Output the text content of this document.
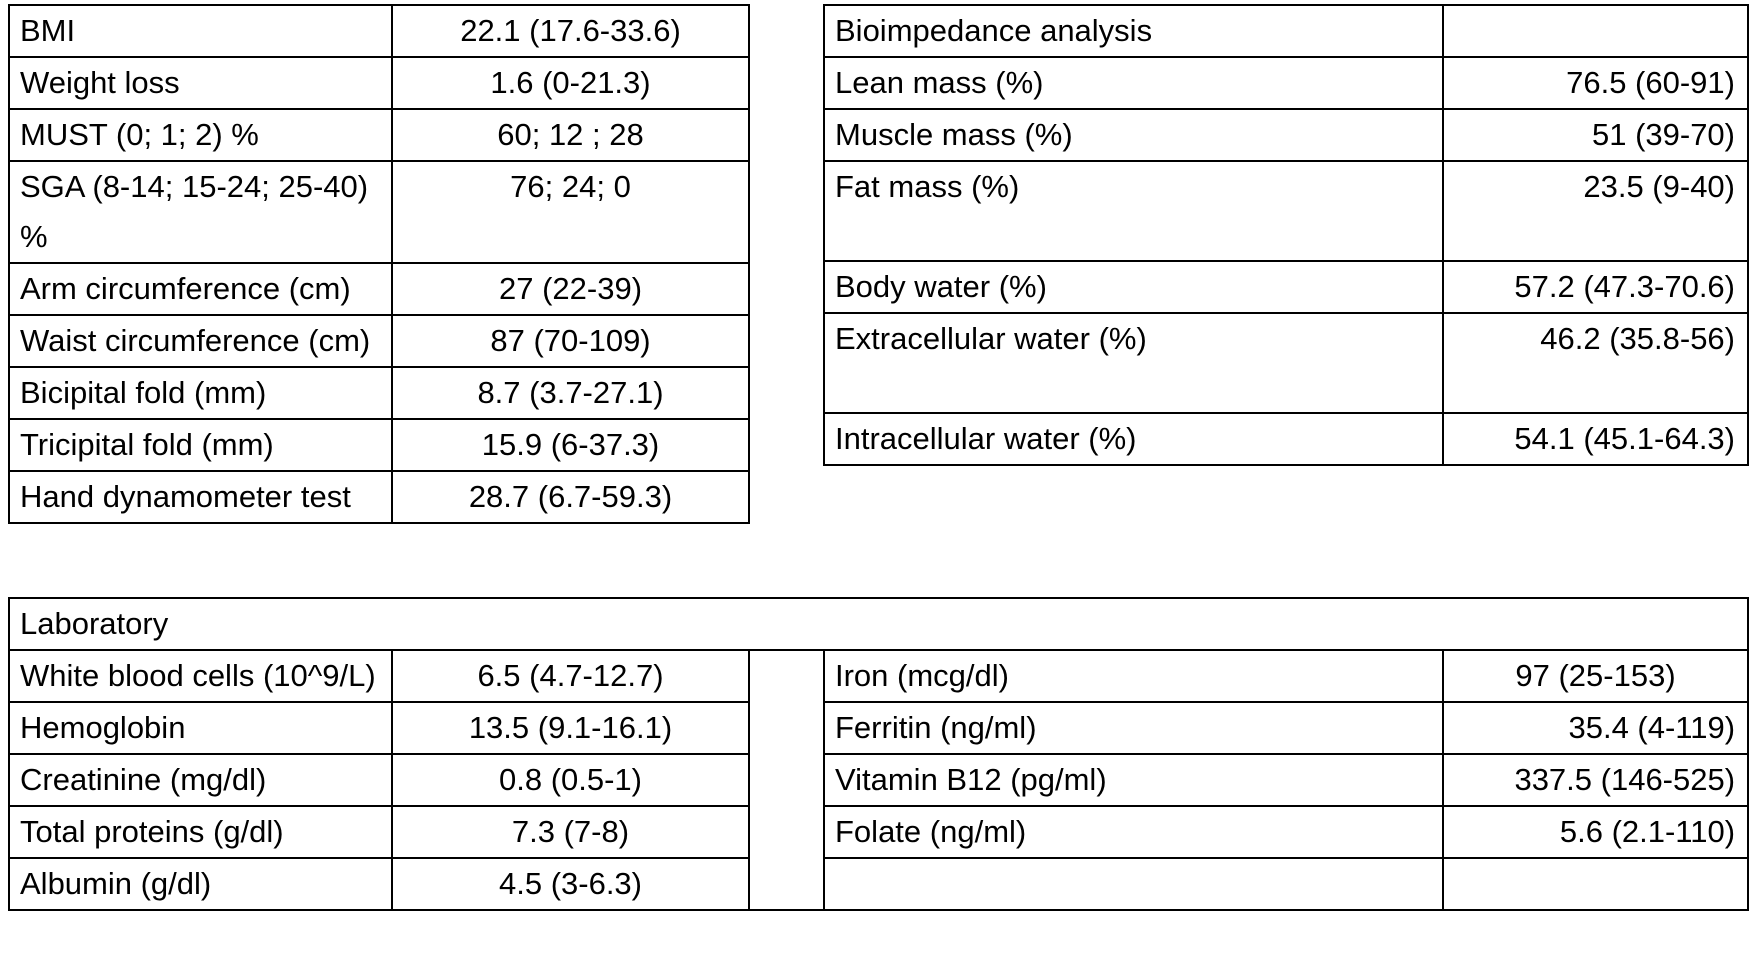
BMI	22.1 (17.6-33.6)
Weight loss	1.6 (0-21.3)
MUST (0; 1; 2) %	60; 12 ; 28
SGA (8-14; 15-24; 25-40) %	76; 24; 0
Arm circumference (cm)	27 (22-39)
Waist circumference (cm)	87 (70-109)
Bicipital fold (mm)	8.7 (3.7-27.1)
Tricipital fold (mm)	15.9 (6-37.3)
Hand dynamometer test	28.7 (6.7-59.3)
Bioimpedance analysis	
Lean mass (%)	76.5 (60-91)
Muscle mass (%)	51 (39-70)
Fat mass (%)	23.5 (9-40)
Body water (%)	57.2 (47.3-70.6)
Extracellular water (%)	46.2 (35.8-56)
Intracellular water (%)	54.1 (45.1-64.3)
Laboratory				
White blood cells (10^9/L)	6.5 (4.7-12.7)		Iron (mcg/dl)	97 (25-153)
Hemoglobin	13.5 (9.1-16.1)		Ferritin (ng/ml)	35.4 (4-119)
Creatinine (mg/dl)	0.8 (0.5-1)		Vitamin B12 (pg/ml)	337.5 (146-525)
Total proteins (g/dl)	7.3 (7-8)		Folate (ng/ml)	5.6 (2.1-110)
Albumin (g/dl)	4.5 (3-6.3)			
